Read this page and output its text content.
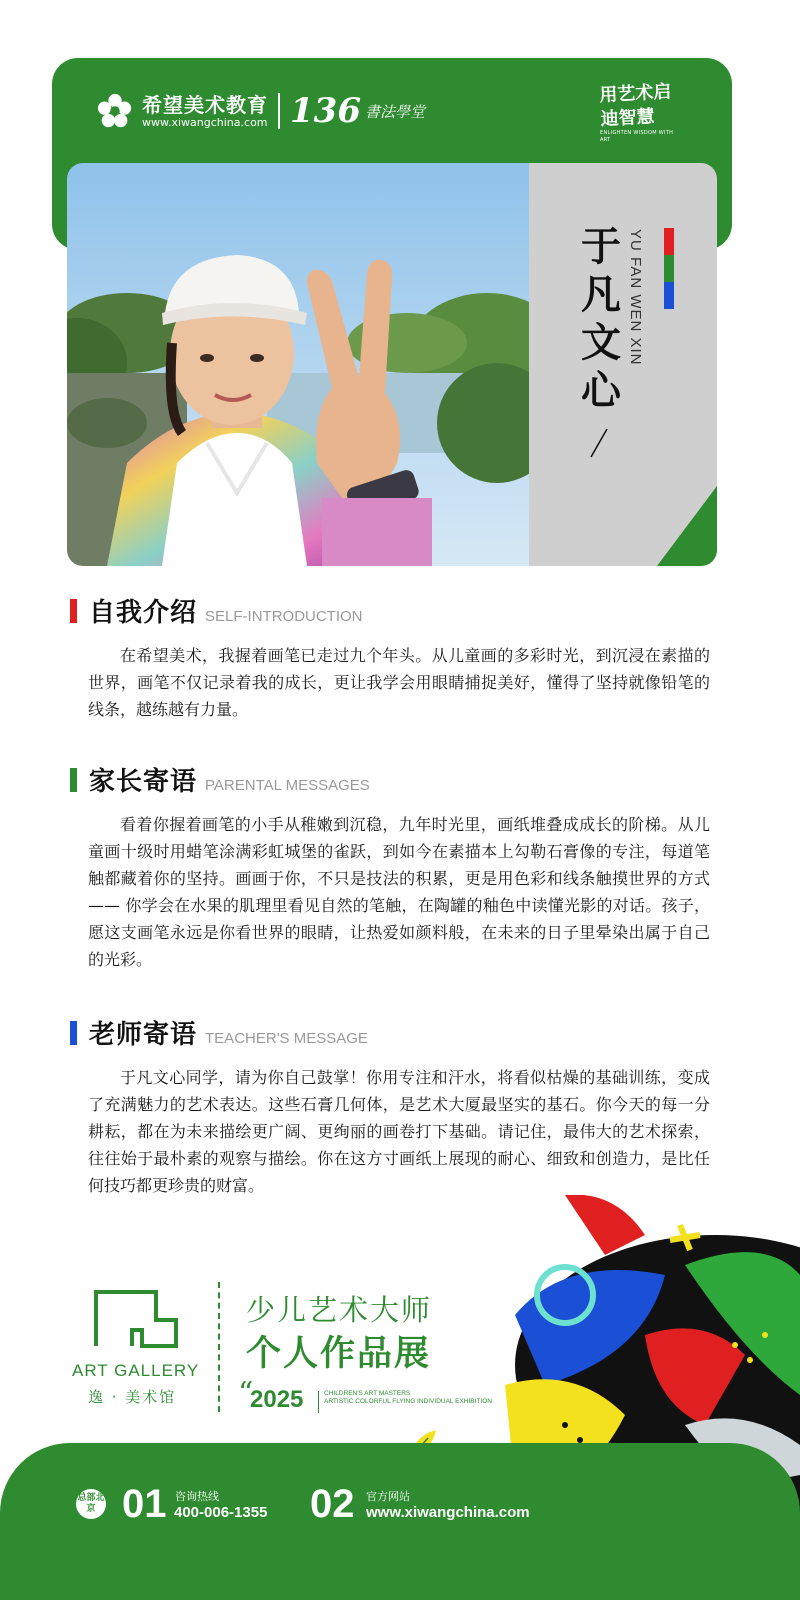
希望美术教育
www.xiwangchina.com 136 書法學堂
用艺术启迪智慧
ENLIGHTEN WISDOM WITH ART
于凡文心
YU FAN WEN XIN
自我介绍 SELF-INTRODUCTION
在希望美术，我握着画笔已走过九个年头。从儿童画的多彩时光，到沉浸在素描的世界，画笔不仅记录着我的成长，更让我学会用眼睛捕捉美好，懂得了坚持就像铅笔的线条，越练越有力量。
家长寄语 PARENTAL MESSAGES
看着你握着画笔的小手从稚嫩到沉稳，九年时光里，画纸堆叠成成长的阶梯。从儿童画十级时用蜡笔涂满彩虹城堡的雀跃，到如今在素描本上勾勒石膏像的专注，每道笔触都藏着你的坚持。画画于你，不只是技法的积累，更是用色彩和线条触摸世界的方式 —— 你学会在水果的肌理里看见自然的笔触，在陶罐的釉色中读懂光影的对话。孩子，愿这支画笔永远是你看世界的眼睛，让热爱如颜料般，在未来的日子里晕染出属于自己的光彩。
老师寄语 TEACHER'S MESSAGE
于凡文心同学，请为你自己鼓掌！你用专注和汗水，将看似枯燥的基础训练，变成了充满魅力的艺术表达。这些石膏几何体，是艺术大厦最坚实的基石。你今天的每一分耕耘，都在为未来描绘更广阔、更绚丽的画卷打下基础。请记住，最伟大的艺术探索，往往始于最朴素的观察与描绘。你在这方寸画纸上展现的耐心、细致和创造力，是比任何技巧都更珍贵的财富。
ART GALLERY
逸 · 美术馆
少儿艺术大师
个人作品展
“
2025	CHILDREN'S ART MASTERS
ARTISTIC COLORFUL FLYING INDIVIDUAL EXHIBITION
总部北京 01 咨询热线
400-006-1355 02 官方网站
www.xiwangchina.com
